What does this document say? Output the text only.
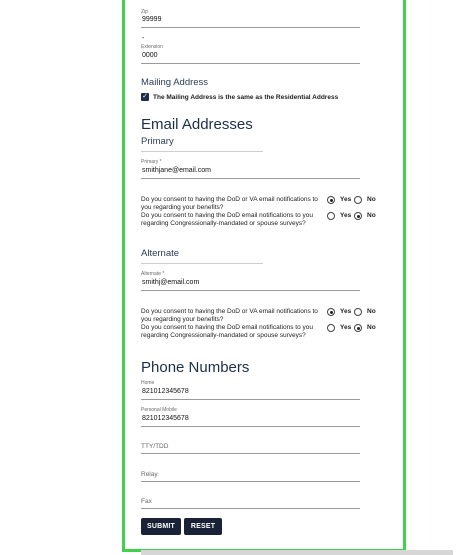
Zip
99999
-
Extension
0000
Mailing Address
✓ The Mailing Address is the same as the Residential Address
Email Addresses
Primary
Primary *
smithjane@email.com
Do you consent to having the DoD or VA email notifications to you regarding your benefits?
Yes No
Do you consent to having the DoD email notifications to you regarding Congressionally-mandated or spouse surveys?
Yes No
Alternate
Alternate *
smithj@email.com
Do you consent to having the DoD or VA email notifications to you regarding your benefits?
Yes No
Do you consent to having the DoD email notifications to you regarding Congressionally-mandated or spouse surveys?
Yes No
Phone Numbers
Home
821012345678
Personal Mobile
821012345678
TTY/TDD
Relay
Fax
SUBMIT	RESET
